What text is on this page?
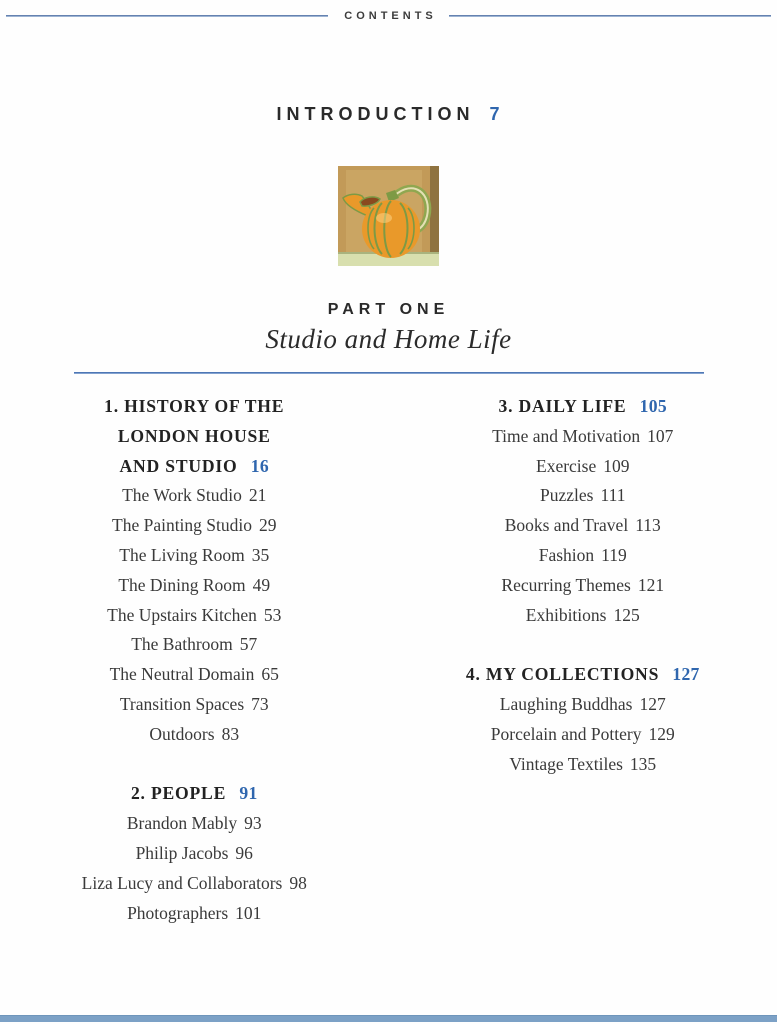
CONTENTS
INTRODUCTION 7
PART ONE
Studio and Home Life
1. HISTORY OF THE
LONDON HOUSE
AND STUDIO 16
The Work Studio 21
The Painting Studio 29
The Living Room 35
The Dining Room 49
The Upstairs Kitchen 53
The Bathroom 57
The Neutral Domain 65
Transition Spaces 73
Outdoors 83
2. PEOPLE 91
Brandon Mably 93
Philip Jacobs 96
Liza Lucy and Collaborators 98
Photographers 101
3. DAILY LIFE 105
Time and Motivation 107
Exercise 109
Puzzles 111
Books and Travel 113
Fashion 119
Recurring Themes 121
Exhibitions 125
4. MY COLLECTIONS 127
Laughing Buddhas 127
Porcelain and Pottery 129
Vintage Textiles 135
